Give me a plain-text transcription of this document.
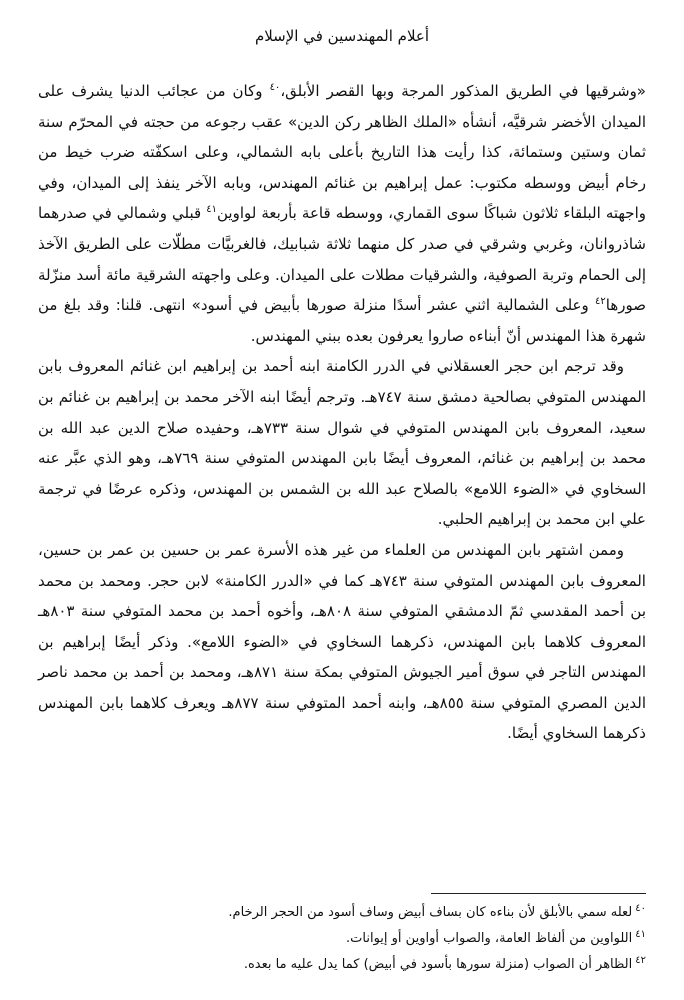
أعلام المهندسين في الإسلام

«وشرقيها في الطريق المذكور المرجة وبها القصر الأبلق،$^{٤٠}$ وكان من عجائب الدنيا يشرف على الميدان الأخضر شرقيَّه، أنشأه «الملك الظاهر ركن الدين» عقب رجوعه من حجته في المحرّم سنة ثمان وستين وستمائة، كذا رأيت هذا التاريخ بأعلى بابه الشمالي، وعلى اسكفّته ضرب خيط من رخام أبيض ووسطه مكتوب: عمل إبراهيم بن غنائم المهندس، وبابه الآخر ينفذ إلى الميدان، وفي واجهته البلقاء ثلاثون شباكًا سوى القماري، ووسطه قاعة بأربعة لواوين$^{٤١}$ قبلي وشمالي في صدرهما شاذروانان، وغربي وشرقي في صدر كل منهما ثلاثة شبابيك، فالغربيَّات مطلّات على الطريق الآخذ إلى الحمام وتربة الصوفية، والشرقيات مطلات على الميدان. وعلى واجهته الشرقية مائة أسد منزّلة صورها$^{٤٢}$ وعلى الشمالية اثني عشر أسدًا منزلة صورها بأبيض في أسود» انتهى. قلنا: وقد بلغ من شهرة هذا المهندس أنّ أبناءه صاروا يعرفون بعده ببني المهندس.

وقد ترجم ابن حجر العسقلاني في الدرر الكامنة ابنه أحمد بن إبراهيم ابن غنائم المعروف بابن المهندس المتوفي بصالحية دمشق سنة ٧٤٧هـ. وترجم أيضًا ابنه الآخر محمد بن إبراهيم بن غنائم بن سعيد، المعروف بابن المهندس المتوفي في شوال سنة ٧٣٣هـ، وحفيده صلاح الدين عبد الله بن محمد بن إبراهيم بن غنائم، المعروف أيضًا بابن المهندس المتوفي سنة ٧٦٩هـ، وهو الذي عبَّر عنه السخاوي في «الضوء اللامع» بالصلاح عبد الله بن الشمس بن المهندس، وذكره عرضًا في ترجمة علي ابن محمد بن إبراهيم الحلبي.

وممن اشتهر بابن المهندس من العلماء من غير هذه الأسرة عمر بن حسين بن عمر بن حسين، المعروف بابن المهندس المتوفي سنة ٧٤٣هـ كما في «الدرر الكامنة» لابن حجر. ومحمد بن محمد بن أحمد المقدسي ثمّ الدمشقي المتوفي سنة ٨٠٨هـ، وأخوه أحمد بن محمد المتوفي سنة ٨٠٣هـ المعروف كلاهما بابن المهندس، ذكرهما السخاوي في «الضوء اللامع». وذكر أيضًا إبراهيم بن المهندس التاجر في سوق أمير الجيوش المتوفي بمكة سنة ٨٧١هـ، ومحمد بن أحمد بن محمد ناصر الدين المصري المتوفي سنة ٨٥٥هـ، وابنه أحمد المتوفي سنة ٨٧٧هـ ويعرف كلاهما بابن المهندس ذكرهما السخاوي أيضًا.

٤٠لعله سمي بالأبلق لأن بناءه كان بساف أبيض وساف أسود من الحجر الرخام.
٤١اللواوين من ألفاظ العامة، والصواب أواوين أو إيوانات.
٤٢الظاهر أن الصواب (منزلة سورها بأسود في أبيض) كما يدل عليه ما بعده.
